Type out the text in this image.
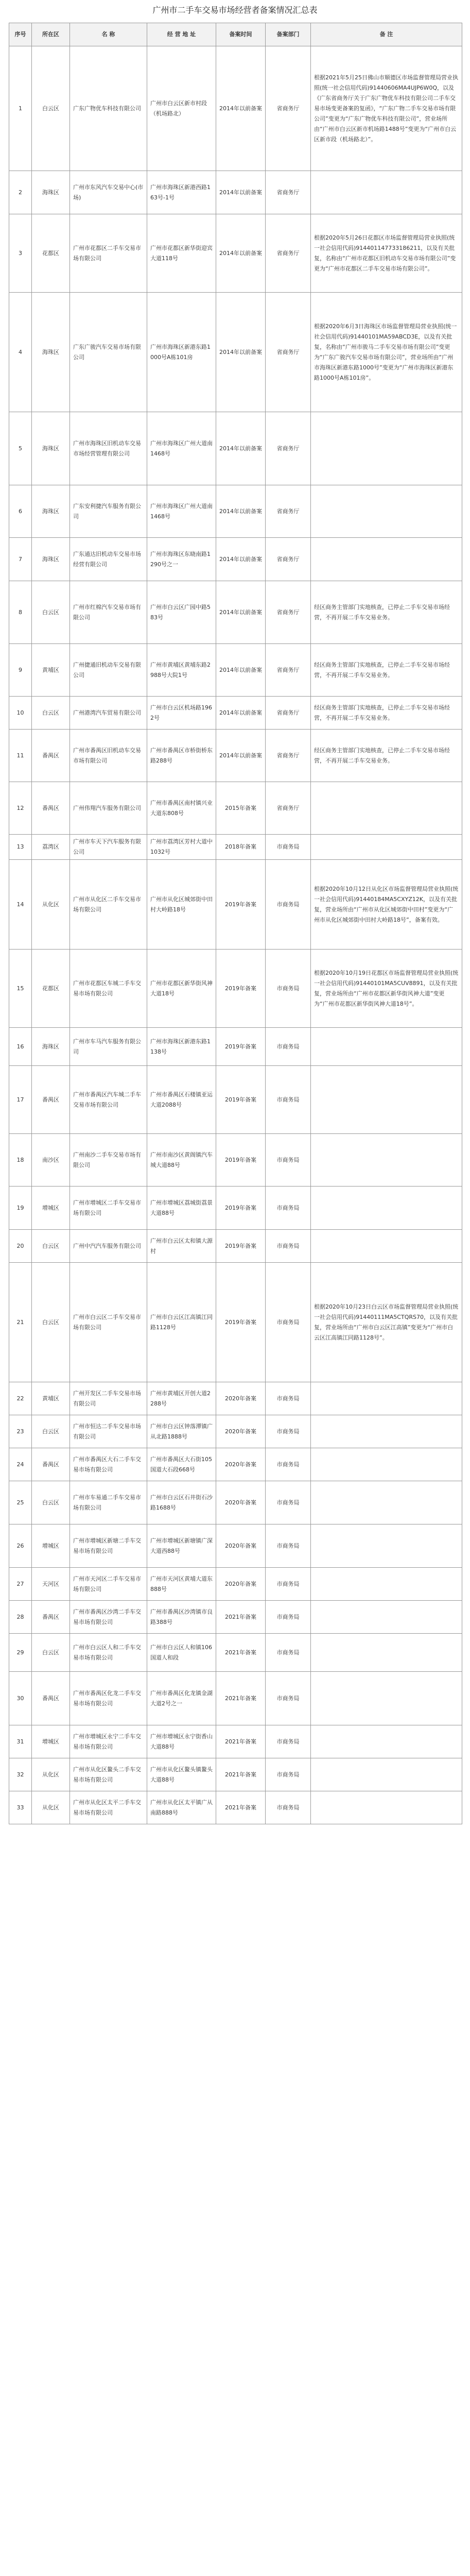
广州市二手车交易市场经营者备案情况汇总表
序号	所在区	名 称	经 营 地 址	备案时间	备案部门	备 注
1	白云区	广东广物优车科技有限公司	广州市白云区新市村段（机场路北）	2014年以前备案	省商务厅	根据2021年5月25日佛山市顺德区市场监督管理局营业执照(统一社会信用代码)91440606MA4UJP6W0Q，以及《广东省商务厅关于广东广物优车科技有限公司二手车交易市场变更备案的复函》，“广东广物二手车交易市场有限公司”变更为“广东广物优车科技有限公司”，营业场所由“广州市白云区新市机场路1488号”变更为“广州市白云区新市段（机场路北）”。
2	海珠区	广州市东风汽车交易中心(市场)	广州市海珠区新港西路163号-1号	2014年以前备案	省商务厅	
3	花都区	广州市花都区二手车交易市场有限公司	广州市花都区新华街迎宾大道118号	2014年以前备案	省商务厅	根据2020年5月26日花都区市场监督管理局营业执照(统一社会信用代码)914401147733186211，以及有关批复，名称由“广州市花都区旧机动车交易市场有限公司”变更为“广州市花都区二手车交易市场有限公司”。
4	海珠区	广东广骏汽车交易市场有限公司	广州市海珠区新港东路1000号A栋101房	2014年以前备案	省商务厅	根据2020年6月3日海珠区市场监督管理局营业执照(统一社会信用代码)91440101MA59ABCD3E，以及有关批复，名称由“广州市骏马二手车交易市场有限公司”变更为“广东广骏汽车交易市场有限公司”，营业场所由“广州市海珠区新港东路1000号”变更为“广州市海珠区新港东路1000号A栋101房”。
5	海珠区	广州市海珠区旧机动车交易市场经营管理有限公司	广州市海珠区广州大道南1468号	2014年以前备案	省商务厅	
6	海珠区	广东安利捷汽车服务有限公司	广州市海珠区广州大道南1468号	2014年以前备案	省商务厅	
7	海珠区	广东通达旧机动车交易市场经营有限公司	广州市海珠区东晓南路1290号之一	2014年以前备案	省商务厅	
8	白云区	广州市红棉汽车交易市场有限公司	广州市白云区广园中路583号	2014年以前备案	省商务厅	经区商务主管部门实地核查，已停止二手车交易市场经营，不再开展二手车交易业务。
9	黄埔区	广州捷通旧机动车交易有限公司	广州市黄埔区黄埔东路2988号大院1号	2014年以前备案	省商务厅	经区商务主管部门实地核查，已停止二手车交易市场经营，不再开展二手车交易业务。
10	白云区	广州港湾汽车贸易有限公司	广州市白云区机场路1962号	2014年以前备案	省商务厅	经区商务主管部门实地核查，已停止二手车交易市场经营，不再开展二手车交易业务。
11	番禺区	广州市番禺区旧机动车交易市场有限公司	广州市番禺区市桥街桥东路288号	2014年以前备案	省商务厅	经区商务主管部门实地核查，已停止二手车交易市场经营，不再开展二手车交易业务。
12	番禺区	广州伟翔汽车服务有限公司	广州市番禺区南村镇兴业大道东808号	2015年备案	省商务厅	
13	荔湾区	广州市车天下汽车服务有限公司	广州市荔湾区芳村大道中1032号	2018年备案	市商务局	
14	从化区	广州市从化区二手车交易市场有限公司	广州市从化区城郊街中田村大岭路18号	2019年备案	市商务局	根据2020年10月12日从化区市场监督管理局营业执照(统一社会信用代码)91440184MA5CXYZ12K，以及有关批复，营业场所由“广州市从化区城郊街中田村”变更为“广州市从化区城郊街中田村大岭路18号”，备案有效。
15	花都区	广州市花都区车城二手车交易市场有限公司	广州市花都区新华街风神大道18号	2019年备案	市商务局	根据2020年10月19日花都区市场监督管理局营业执照(统一社会信用代码)91440101MA5CUV8891，以及有关批复，营业场所由“广州市花都区新华街风神大道”变更为“广州市花都区新华街风神大道18号”。
16	海珠区	广州市车马汽车服务有限公司	广州市海珠区新港东路1138号	2019年备案	市商务局	
17	番禺区	广州市番禺区汽车城二手车交易市场有限公司	广州市番禺区石楼镇亚运大道2088号	2019年备案	市商务局	
18	南沙区	广州南沙二手车交易市场有限公司	广州市南沙区黄阁镇汽车城大道88号	2019年备案	市商务局	
19	增城区	广州市增城区二手车交易市场有限公司	广州市增城区荔城街荔景大道88号	2019年备案	市商务局	
20	白云区	广州中汽汽车服务有限公司	广州市白云区太和镇大源村	2019年备案	市商务局	
21	白云区	广州市白云区二手车交易市场有限公司	广州市白云区江高镇江同路1128号	2019年备案	市商务局	根据2020年10月23日白云区市场监督管理局营业执照(统一社会信用代码)91440111MA5CTQRS70，以及有关批复，营业场所由“广州市白云区江高镇”变更为“广州市白云区江高镇江同路1128号”。
22	黄埔区	广州开发区二手车交易市场有限公司	广州市黄埔区开创大道2288号	2020年备案	市商务局	
23	白云区	广州市恒达二手车交易市场有限公司	广州市白云区钟落潭镇广从北路1888号	2020年备案	市商务局	
24	番禺区	广州市番禺区大石二手车交易市场有限公司	广州市番禺区大石街105国道大石段668号	2020年备案	市商务局	
25	白云区	广州市车易通二手车交易市场有限公司	广州市白云区石井街石沙路1688号	2020年备案	市商务局	
26	增城区	广州市增城区新塘二手车交易市场有限公司	广州市增城区新塘镇广深大道西88号	2020年备案	市商务局	
27	天河区	广州市天河区二手车交易市场有限公司	广州市天河区黄埔大道东888号	2020年备案	市商务局	
28	番禺区	广州市番禺区沙湾二手车交易市场有限公司	广州市番禺区沙湾镇市良路388号	2021年备案	市商务局	
29	白云区	广州市白云区人和二手车交易市场有限公司	广州市白云区人和镇106国道人和段	2021年备案	市商务局	
30	番禺区	广州市番禺区化龙二手车交易市场有限公司	广州市番禺区化龙镇金湖大道2号之一	2021年备案	市商务局	
31	增城区	广州市增城区永宁二手车交易市场有限公司	广州市增城区永宁街香山大道88号	2021年备案	市商务局	
32	从化区	广州市从化区鳌头二手车交易市场有限公司	广州市从化区鳌头镇鳌头大道88号	2021年备案	市商务局	
33	从化区	广州市从化区太平二手车交易市场有限公司	广州市从化区太平镇广从南路888号	2021年备案	市商务局	
